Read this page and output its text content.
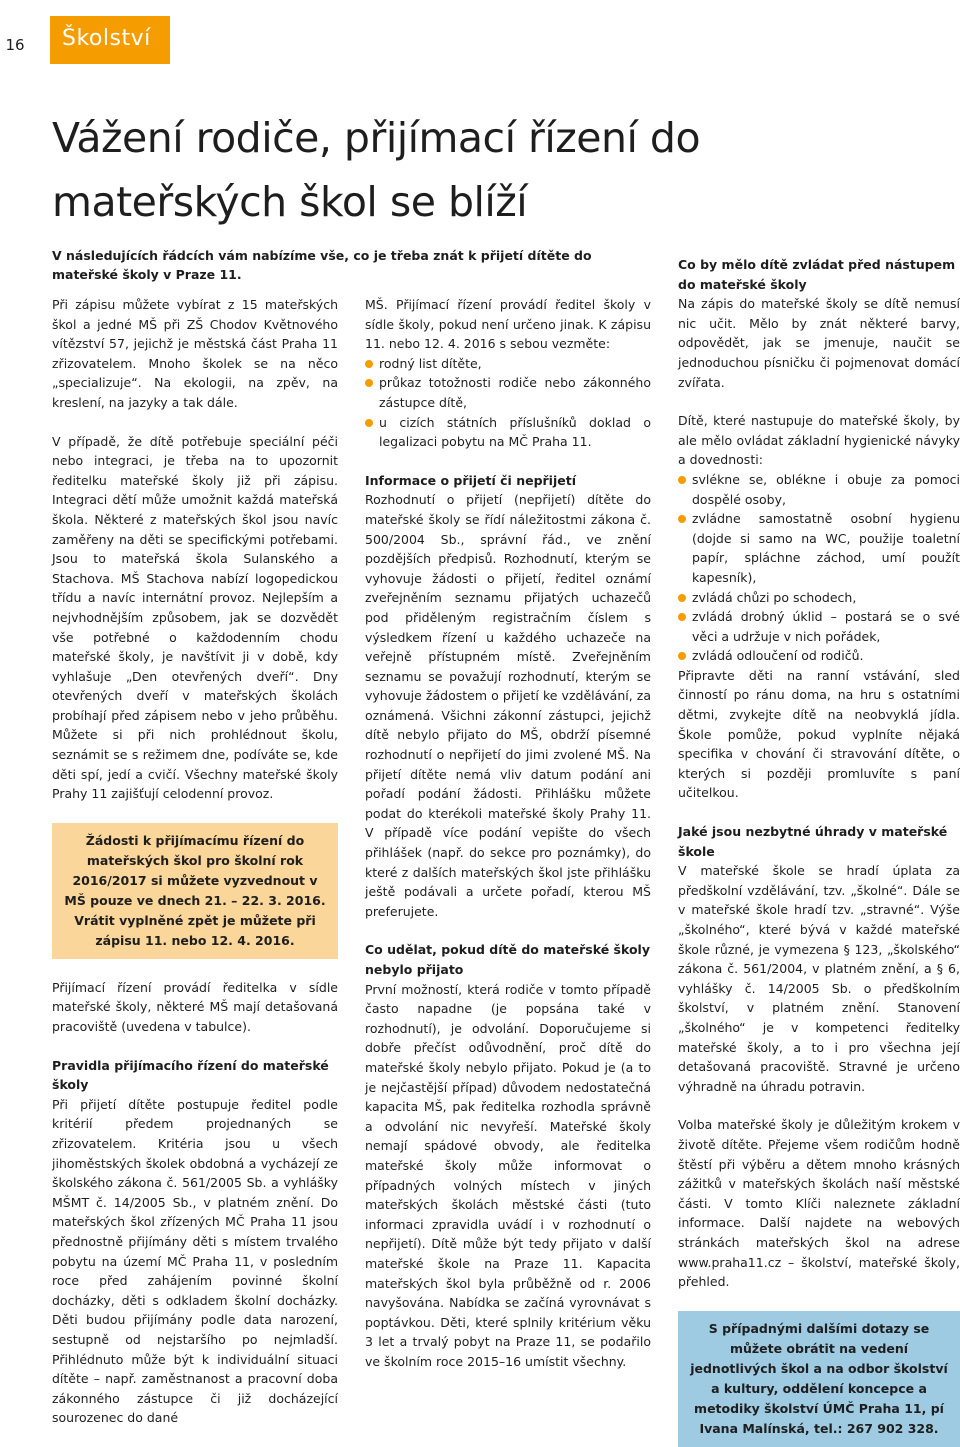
16	Školství
Vážení rodiče, přijímací řízení do mateřských škol se blíží
V následujících řádcích vám nabízíme vše, co je třeba znát k přijetí dítěte do mateřské školy v Praze 11.

Při zápisu můžete vybírat z 15 mateřských škol a jedné MŠ při ZŠ Chodov Květnového vítězství 57, jejichž je městská část Praha 11 zřizovatelem. Mnoho školek se na něco „specializuje“. Na ekologii, na zpěv, na kreslení, na jazyky a tak dále.

V případě, že dítě potřebuje speciální péči nebo integraci, je třeba na to upozornit ředitelku mateřské školy již při zápisu. Integraci dětí může umožnit každá mateřská škola. Některé z mateřských škol jsou navíc zaměřeny na děti se specifickými potřebami. Jsou to mateřská škola Sulanského a Stachova. MŠ Stachova nabízí logopedickou třídu a navíc internátní provoz. Nejlepším a nejvhodnějším způsobem, jak se dozvědět vše potřebné o každodenním chodu mateřské školy, je navštívit ji v době, kdy vyhlašuje „Den otevřených dveří“. Dny otevřených dveří v mateřských školách probíhají před zápisem nebo v jeho průběhu. Můžete si při nich prohlédnout školu, seznámit se s režimem dne, podíváte se, kde děti spí, jedí a cvičí. Všechny mateřské školy Prahy 11 zajišťují celodenní provoz.

Žádosti k přijímacímu řízení do mateřských škol pro školní rok 2016/2017 si můžete vyzvednout v MŠ pouze ve dnech 21. – 22. 3. 2016. Vrátit vyplněné zpět je můžete při zápisu 11. nebo 12. 4. 2016.

Přijímací řízení provádí ředitelka v sídle mateřské školy, některé MŠ mají detašovaná pracoviště (uvedena v tabulce).

Pravidla přijímacího řízení do mateřské školy

Při přijetí dítěte postupuje ředitel podle kritérií předem projednaných se zřizovatelem. Kritéria jsou u všech jihoměstských školek obdobná a vycházejí ze školského zákona č. 561/2005 Sb. a vyhlášky MŠMT č. 14/2005 Sb., v platném znění. Do mateřských škol zřízených MČ Praha 11 jsou přednostně přijímány děti s místem trvalého pobytu na území MČ Praha 11, v posledním roce před zahájením povinné školní docházky, děti s odkladem školní docházky. Děti budou přijímány podle data narození, sestupně od nejstaršího po nejmladší. Přihlédnuto může být k individuální situaci dítěte – např. zaměstnanost a pracovní doba zákonného zástupce či již docházející sourozenec do dané

MŠ. Přijímací řízení provádí ředitel školy v sídle školy, pokud není určeno jinak. K zápisu 11. nebo 12. 4. 2016 s sebou vezměte:

rodný list dítěte,
průkaz totožnosti rodiče nebo zákonného zástupce dítě,
u cizích státních příslušníků doklad o legalizaci pobytu na MČ Praha 11.
Informace o přijetí či nepřijetí

Rozhodnutí o přijetí (nepřijetí) dítěte do mateřské školy se řídí náležitostmi zákona č. 500/2004 Sb., správní řád., ve znění pozdějších předpisů. Rozhodnutí, kterým se vyhovuje žádosti o přijetí, ředitel oznámí zveřejněním seznamu přijatých uchazečů pod přiděleným registračním číslem s výsledkem řízení u každého uchazeče na veřejně přístupném místě. Zveřejněním seznamu se považují rozhodnutí, kterým se vyhovuje žádostem o přijetí ke vzdělávání, za oznámená. Všichni zákonní zástupci, jejichž dítě nebylo přijato do MŠ, obdrží písemné rozhodnutí o nepřijetí do jimi zvolené MŠ. Na přijetí dítěte nemá vliv datum podání ani pořadí podání žádosti. Přihlášku můžete podat do kterékoli mateřské školy Prahy 11. V případě více podání vepište do všech přihlášek (např. do sekce pro poznámky), do které z dalších mateřských škol jste přihlášku ještě podávali a určete pořadí, kterou MŠ preferujete.

Co udělat, pokud dítě do mateřské školy nebylo přijato

První možností, která rodiče v tomto případě často napadne (je popsána také v rozhodnutí), je odvolání. Doporučujeme si dobře přečíst odůvodnění, proč dítě do mateřské školy nebylo přijato. Pokud je (a to je nejčastější případ) důvodem nedostatečná kapacita MŠ, pak ředitelka rozhodla správně a odvolání nic nevyřeší. Mateřské školy nemají spádové obvody, ale ředitelka mateřské školy může informovat o případných volných místech v jiných mateřských školách městské části (tuto informaci zpravidla uvádí i v rozhodnutí o nepřijetí). Dítě může být tedy přijato v další mateřské škole na Praze 11. Kapacita mateřských škol byla průběžně od r. 2006 navyšována. Nabídka se začíná vyrovnávat s poptávkou. Děti, které splnily kritérium věku 3 let a trvalý pobyt na Praze 11, se podařilo ve školním roce 2015–16 umístit všechny.

Co by mělo dítě zvládat před nástupem do mateřské školy

Na zápis do mateřské školy se dítě nemusí nic učit. Mělo by znát některé barvy, odpovědět, jak se jmenuje, naučit se jednoduchou písničku či pojmenovat domácí zvířata.

Dítě, které nastupuje do mateřské školy, by ale mělo ovládat základní hygienické návyky a dovednosti:

svlékne se, oblékne i obuje za pomoci dospělé osoby,
zvládne samostatně osobní hygienu (dojde si samo na WC, použije toaletní papír, spláchne záchod, umí použít kapesník),
zvládá chůzi po schodech,
zvládá drobný úklid – postará se o své věci a udržuje v nich pořádek,
zvládá odloučení od rodičů.

Připravte děti na ranní vstávání, sled činností po ránu doma, na hru s ostatními dětmi, zvykejte dítě na neobvyklá jídla. Škole pomůže, pokud vyplníte nějaká specifika v chování či stravování dítěte, o kterých si později promluvíte s paní učitelkou.

Jaké jsou nezbytné úhrady v mateřské škole

V mateřské škole se hradí úplata za předškolní vzdělávání, tzv. „školné“. Dále se v mateřské škole hradí tzv. „stravné“. Výše „školného“, které bývá v každé mateřské škole různé, je vymezena § 123, „školského“ zákona č. 561/2004, v platném znění, a § 6, vyhlášky č. 14/2005 Sb. o předškolním školství, v platném znění. Stanovení „školného“ je v kompetenci ředitelky mateřské školy, a to i pro všechna její detašovaná pracoviště. Stravné je určeno výhradně na úhradu potravin.

Volba mateřské školy je důležitým krokem v životě dítěte. Přejeme všem rodičům hodně štěstí při výběru a dětem mnoho krásných zážitků v mateřských školách naší městské části. V tomto Klíči naleznete základní informace. Další najdete na webových stránkách mateřských škol na adrese www.praha11.cz – školství, mateřské školy, přehled.

S případnými dalšími dotazy se můžete obrátit na vedení jednotlivých škol a na odbor školství a kultury, oddělení koncepce a metodiky školství ÚMČ Praha 11, pí Ivana Malínská, tel.: 267 902 328.
